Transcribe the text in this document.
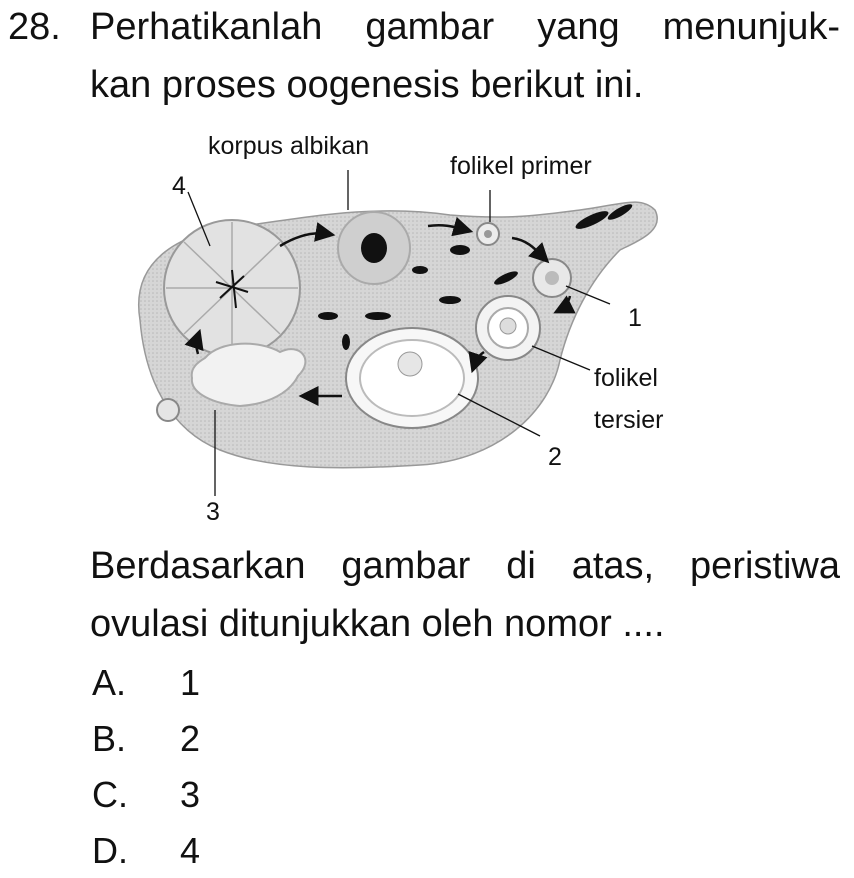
28. Perhatikanlah gambar yang menunjuk-
kan proses oogenesis berikut ini.
korpus albikan
folikel primer
4
1
folikel
tersier
2
3
Berdasarkan gambar di atas, peristiwa
ovulasi ditunjukkan oleh nomor ....
A. 1
B. 2
C. 3
D. 4
